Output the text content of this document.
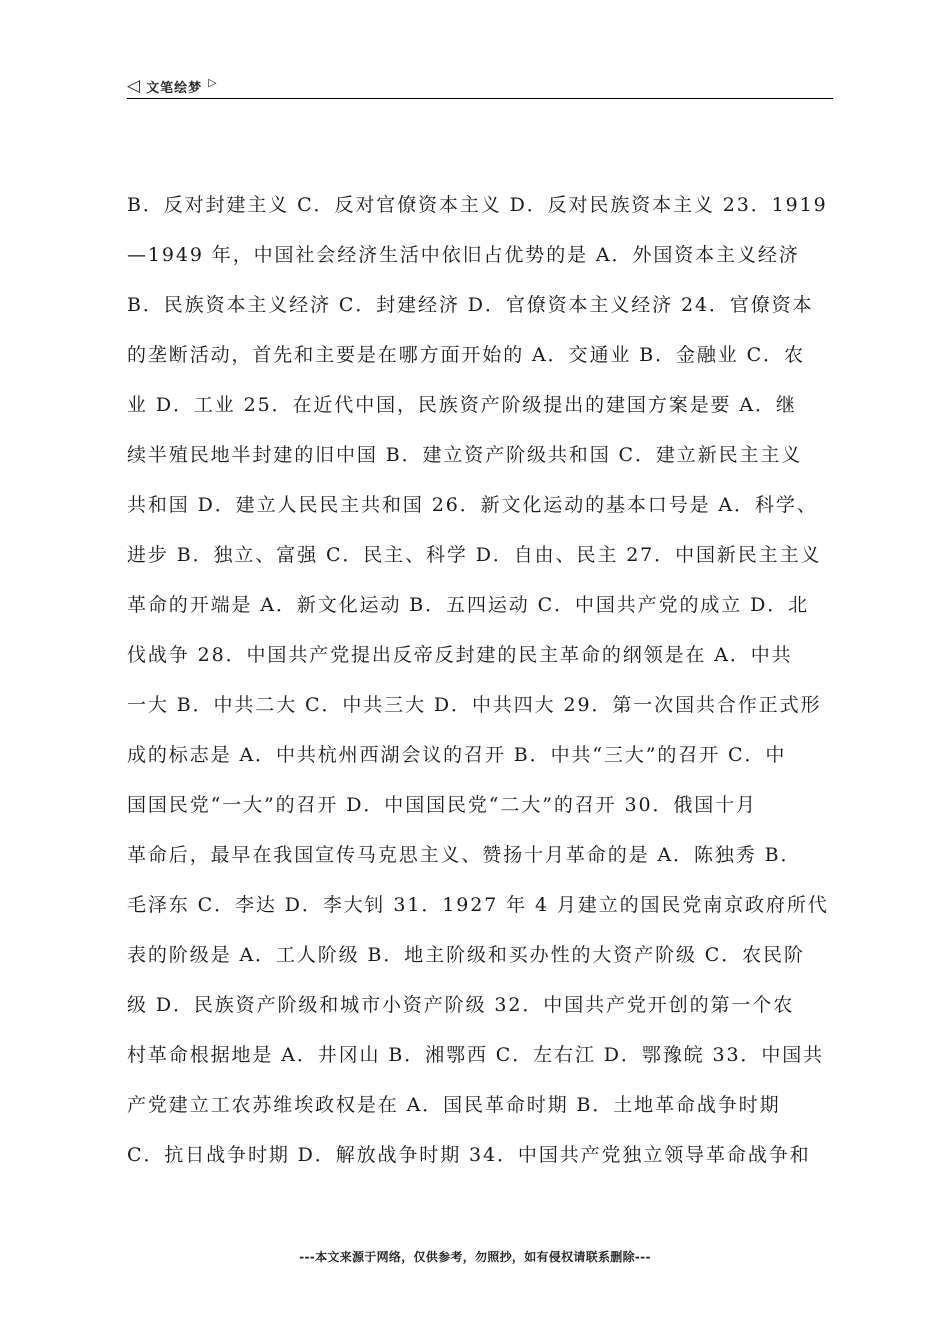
◁ 文笔绘梦 ▷
B．反对封建主义 C．反对官僚资本主义 D．反对民族资本主义 23．1919
—1949 年，中国社会经济生活中依旧占优势的是 A．外国资本主义经济
B．民族资本主义经济 C．封建经济 D．官僚资本主义经济 24．官僚资本
的垄断活动，首先和主要是在哪方面开始的 A．交通业 B．金融业 C．农
业 D．工业 25．在近代中国，民族资产阶级提出的建国方案是要 A．继
续半殖民地半封建的旧中国 B．建立资产阶级共和国 C．建立新民主主义
共和国 D．建立人民民主共和国 26．新文化运动的基本口号是 A．科学、
进步 B．独立、富强 C．民主、科学 D．自由、民主 27．中国新民主主义
革命的开端是 A．新文化运动 B．五四运动 C．中国共产党的成立 D．北
伐战争 28．中国共产党提出反帝反封建的民主革命的纲领是在 A．中共
一大 B．中共二大 C．中共三大 D．中共四大 29．第一次国共合作正式形
成的标志是 A．中共杭州西湖会议的召开 B．中共“三大”的召开 C．中
国国民党“一大”的召开 D．中国国民党“二大”的召开 30．俄国十月
革命后，最早在我国宣传马克思主义、赞扬十月革命的是 A．陈独秀 B．
毛泽东 C．李达 D．李大钊 31．1927 年 4 月建立的国民党南京政府所代
表的阶级是 A．工人阶级 B．地主阶级和买办性的大资产阶级 C．农民阶
级 D．民族资产阶级和城市小资产阶级 32．中国共产党开创的第一个农
村革命根据地是 A．井冈山 B．湘鄂西 C．左右江 D．鄂豫皖 33．中国共
产党建立工农苏维埃政权是在 A．国民革命时期 B．土地革命战争时期
C．抗日战争时期 D．解放战争时期 34．中国共产党独立领导革命战争和
---本文来源于网络，仅供参考，勿照抄，如有侵权请联系删除---
